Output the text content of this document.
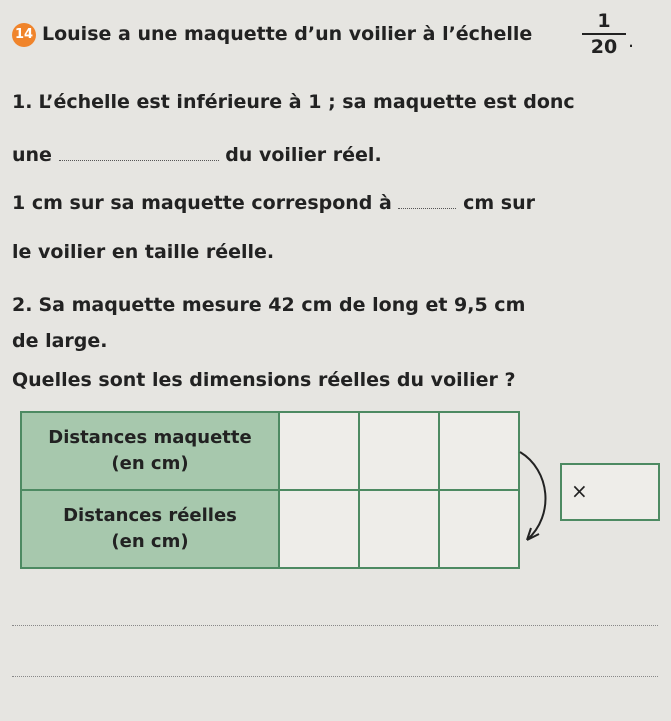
14 Louise a une maquette d’un voilier à l’échelle
1
20 .
1. L’échelle est inférieure à 1 ; sa maquette est donc
une	du voilier réel.
1 cm sur sa maquette correspond à	cm sur
le voilier en taille réelle.
2. Sa maquette mesure 42 cm de long et 9,5 cm
de large.
Quelles sont les dimensions réelles du voilier ?
Distances maquette
(en cm)			

Distances réelles
(en cm)			

×
